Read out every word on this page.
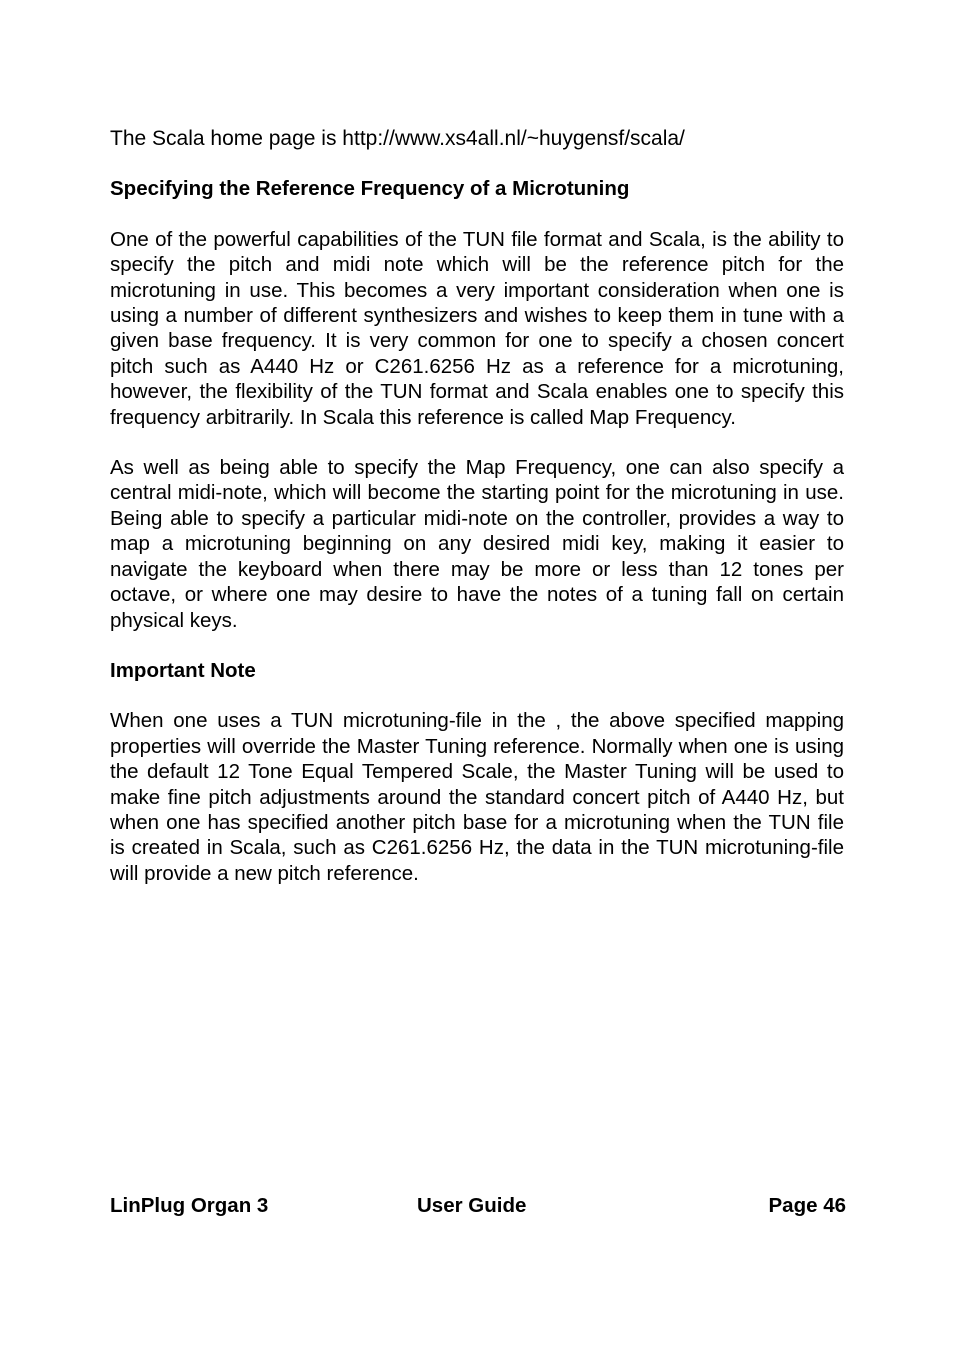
The Scala home page is http://www.xs4all.nl/~huygensf/scala/

Specifying the Reference Frequency of a Microtuning

One of the powerful capabilities of the TUN file format and Scala, is the ability to specify the pitch and midi note which will be the reference pitch for the microtuning in use. This becomes a very important consideration when one is using a number of different synthesizers and wishes to keep them in tune with a given base frequency. It is very common for one to specify a chosen concert pitch such as A440 Hz or C261.6256 Hz as a reference for a microtuning, however, the flexibility of the TUN format and Scala enables one to specify this frequency arbitrarily. In Scala this reference is called Map Frequency.

As well as being able to specify the Map Frequency, one can also specify a central midi-note, which will become the starting point for the microtuning in use. Being able to specify a particular midi-note on the controller, provides a way to map a microtuning beginning on any desired midi key, making it easier to navigate the keyboard when there may be more or less than 12 tones per octave, or where one may desire to have the notes of a tuning fall on certain physical keys.

Important Note

When one uses a TUN microtuning-file in the , the above specified mapping properties will override the Master Tuning reference. Normally when one is using the default 12 Tone Equal Tempered Scale, the Master Tuning will be used to make fine pitch adjustments around the standard concert pitch of A440 Hz, but when one has specified another pitch base for a microtuning when the TUN file is created in Scala, such as C261.6256 Hz, the data in the TUN microtuning-file will provide a new pitch reference.

LinPlug Organ 3	User Guide	Page 46
